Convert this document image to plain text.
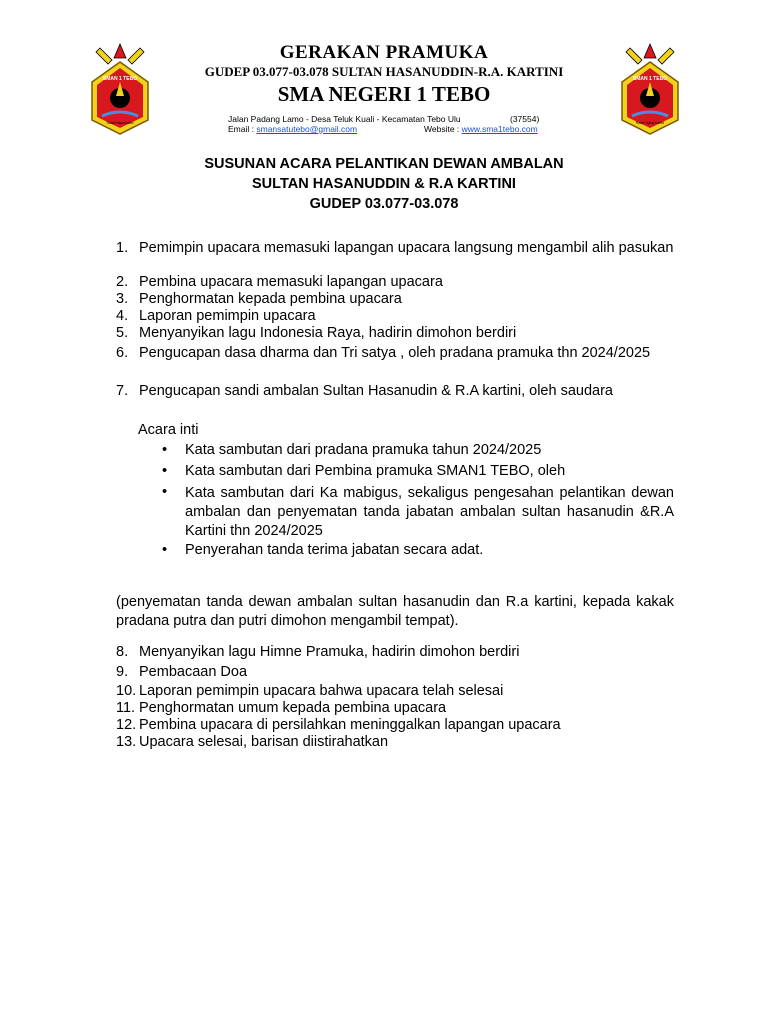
SMAN 1 TEBO
Sultan Hasanuddin
SMAN 1 TEBO
Raden Ajeng Kartini
GERAKAN PRAMUKA
GUDEP 03.077-03.078 SULTAN HASANUDDIN-R.A. KARTINI
SMA NEGERI 1 TEBO
Jalan Padang Lamo - Desa Teluk Kuali - Kecamatan Tebo Ulu	(37554)
Email : smansatutebo@gmail.com	Website : www.sma1tebo.com
SUSUNAN ACARA PELANTIKAN DEWAN AMBALAN
SULTAN HASANUDDIN & R.A KARTINI
GUDEP 03.077-03.078
1. Pemimpin upacara memasuki lapangan upacara langsung mengambil alih pasukan
2. Pembina upacara memasuki lapangan upacara
3. Penghormatan kepada pembina upacara
4. Laporan pemimpin upacara
5. Menyanyikan lagu Indonesia Raya, hadirin dimohon berdiri
6. Pengucapan dasa dharma dan Tri satya , oleh pradana pramuka thn 2024/2025
7. Pengucapan sandi ambalan Sultan Hasanudin & R.A kartini, oleh saudara
Acara inti
• Kata sambutan dari pradana pramuka tahun 2024/2025
• Kata sambutan dari Pembina pramuka SMAN1 TEBO, oleh
• Kata sambutan dari Ka mabigus, sekaligus pengesahan pelantikan dewan ambalan dan penyematan tanda jabatan ambalan sultan hasanudin &R.A Kartini thn 2024/2025
• Penyerahan tanda terima jabatan secara adat.
(penyematan tanda dewan ambalan sultan hasanudin dan R.a kartini, kepada kakak pradana putra dan putri dimohon mengambil tempat).
8. Menyanyikan lagu Himne Pramuka, hadirin dimohon berdiri
9. Pembacaan Doa
10. Laporan pemimpin upacara bahwa upacara telah selesai
11. Penghormatan umum kepada pembina upacara
12. Pembina upacara di persilahkan meninggalkan lapangan upacara
13. Upacara selesai, barisan diistirahatkan
